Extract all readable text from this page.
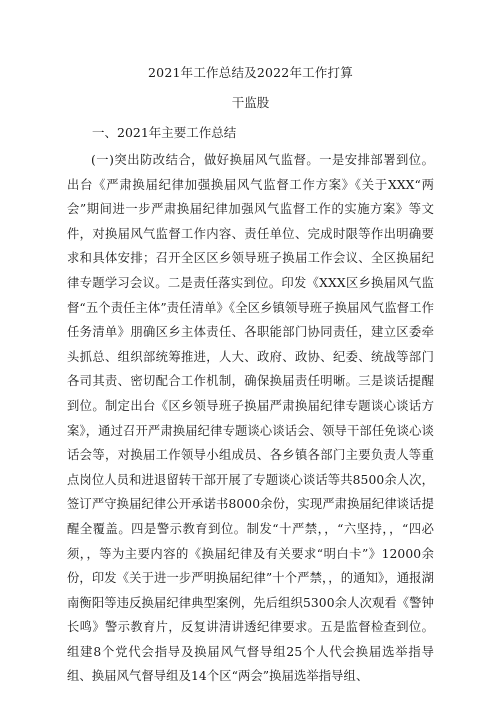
2021年工作总结及2022年工作打算

干监股

一、2021年主要工作总结

(一)突出防改结合，做好换届风气监督。一是安排部署到位。出台《严肃换届纪律加强换届风气监督工作方案》《关于XXX“两会”期间进一步严肃换届纪律加强风气监督工作的实施方案》等文件，对换届风气监督工作内容、责任单位、完成时限等作出明确要求和具体安排；召开全区区乡领导班子换届工作会议、全区换届纪律专题学习会议。二是责任落实到位。印发《XXX区乡换届风气监督“五个责任主体”责任清单》《全区乡镇领导班子换届风气监督工作任务清单》朋确区乡主体责任、各职能部门协同责任，建立区委牵头抓总、组织部统筹推进，人大、政府、政协、纪委、统战等部门各司其责、密切配合工作机制，确保换届责任明晰。三是谈话提醒到位。制定出台《区乡领导班子换届严肃换届纪律专题谈心谈话方案》，通过召开严肃换届纪律专题谈心谈话会、领导干部任免谈心谈话会等，对换届工作领导小组成员、各乡镇各部门主要负责人等重点岗位人员和进退留转干部开展了专题谈心谈话等共8500余人次，签订严守换届纪律公开承诺书8000余份，实现严肃换届纪律谈话提醒全覆盖。四是警示教育到位。制发“十严禁，，“六坚持，，“四必须，，等为主要内容的《换届纪律及有关要求“明白卡”》12000余份，印发《关于进一步严明换届纪律”十个严禁，，的通知》，通报湖南衡阳等违反换届纪律典型案例，先后组织5300余人次观看《警钟长鸣》警示教育片，反复讲清讲透纪律要求。五是监督检查到位。组建8个党代会指导及换届风气督导组25个人代会换届选举指导组、换届风气督导组及14个区“两会”换届选举指导组、
